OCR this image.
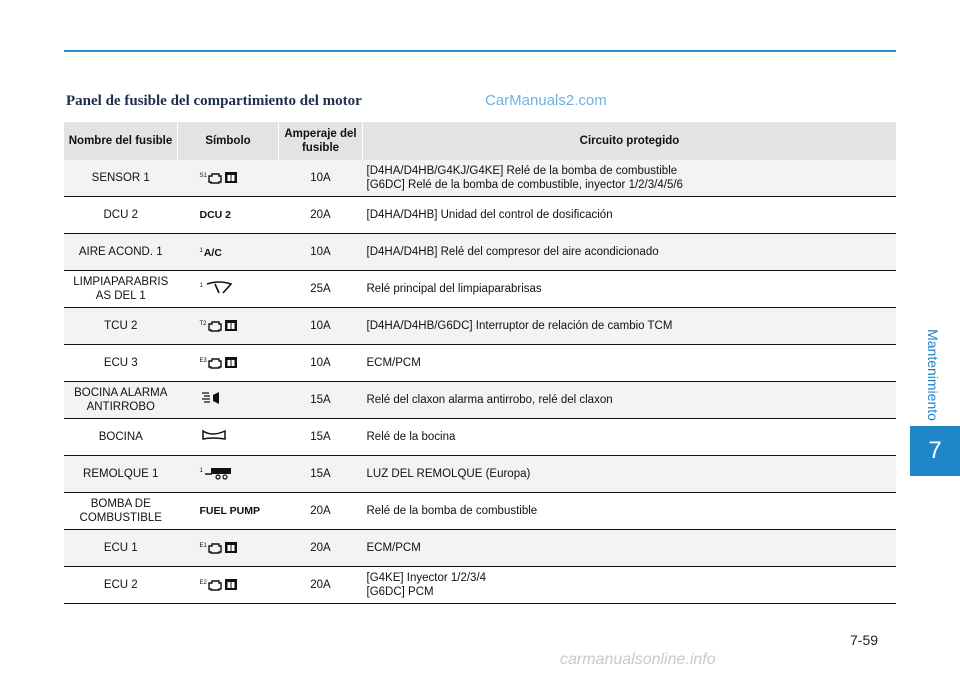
Panel de fusible del compartimiento del motor	CarManuals2.com
Mantenimiento
7
Nombre del fusible	Símbolo	Amperaje del fusible	Circuito protegido
SENSOR 1	S1	10A	[D4HA/D4HB/G4KJ/G4KE] Relé de la bomba de combustible
[G6DC] Relé de la bomba de combustible, inyector 1/2/3/4/5/6
DCU 2	DCU 2	20A	[D4HA/D4HB] Unidad del control de dosificación
AIRE ACOND. 1	1 A/C	10A	[D4HA/D4HB] Relé del compresor del aire acondicionado
LIMPIAPARABRIS
AS DEL 1	1	25A	Relé principal del limpiaparabrisas
TCU 2	T2	10A	[D4HA/D4HB/G6DC] Interruptor de relación de cambio TCM
ECU 3	E3	10A	ECM/PCM
BOCINA ALARMA
ANTIRROBO		15A	Relé del claxon alarma antirrobo, relé del claxon
BOCINA		15A	Relé de la bocina
REMOLQUE 1	1	15A	LUZ DEL REMOLQUE (Europa)
BOMBA DE
COMBUSTIBLE	FUEL PUMP	20A	Relé de la bomba de combustible
ECU 1	E1	20A	ECM/PCM
ECU 2	E2	20A	[G4KE] Inyector 1/2/3/4
[G6DC] PCM
7-59
carmanualsonline.info
